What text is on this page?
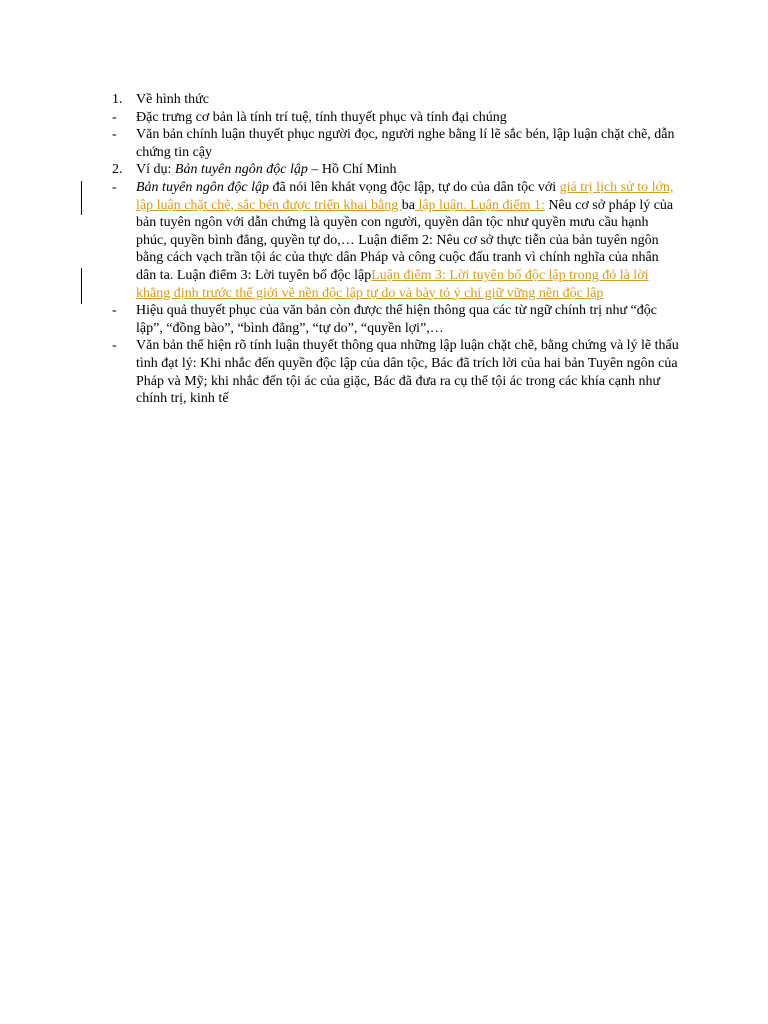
1. Về hình thức
-	Đặc trưng cơ bản là tính trí tuệ, tính thuyết phục và tính đại chúng
-	Văn bản chính luận thuyết phục người đọc, người nghe bằng lí lẽ sắc bén, lập luận chặt chẽ, dẫn chứng tin cậy
2. Ví dụ: Bản tuyên ngôn độc lập – Hồ Chí Minh
-	Bản tuyên ngôn độc lập đã nói lên khát vọng độc lập, tự do của dân tộc với giá trị lịch sử to lớn, lập luận chặt chẽ, sắc bén được triển khai bằng ba lập luận. Luận điểm 1: Nêu cơ sở pháp lý của bản tuyên ngôn với dẫn chứng là quyền con người, quyền dân tộc như quyền mưu cầu hạnh phúc, quyền bình đẳng, quyền tự do,… Luận điểm 2: Nêu cơ sở thực tiễn của bản tuyên ngôn bằng cách vạch trần tội ác của thực dân Pháp và công cuộc đấu tranh vì chính nghĩa của nhân dân ta. Luận điểm 3: Lời tuyên bố độc lậpLuận điểm 3: Lời tuyên bố độc lập trong đó là lời khẳng định trước thế giới về nền độc lập tự do và bày tỏ ý chí giữ vững nền độc lập
-	Hiệu quả thuyết phục của văn bản còn được thể hiện thông qua các từ ngữ chính trị như “độc lập”, “đồng bào”, “bình đẳng”, “tự do”, “quyền lợi”,…
-	Văn bản thể hiện rõ tính luận thuyết thông qua những lập luận chặt chẽ, bằng chứng và lý lẽ thấu tình đạt lý: Khi nhắc đến quyền độc lập của dân tộc, Bác đã trích lời của hai bản Tuyên ngôn của Pháp và Mỹ; khi nhắc đến tội ác của giặc, Bác đã đưa ra cụ thể tội ác trong các khía cạnh như chính trị, kinh tế
